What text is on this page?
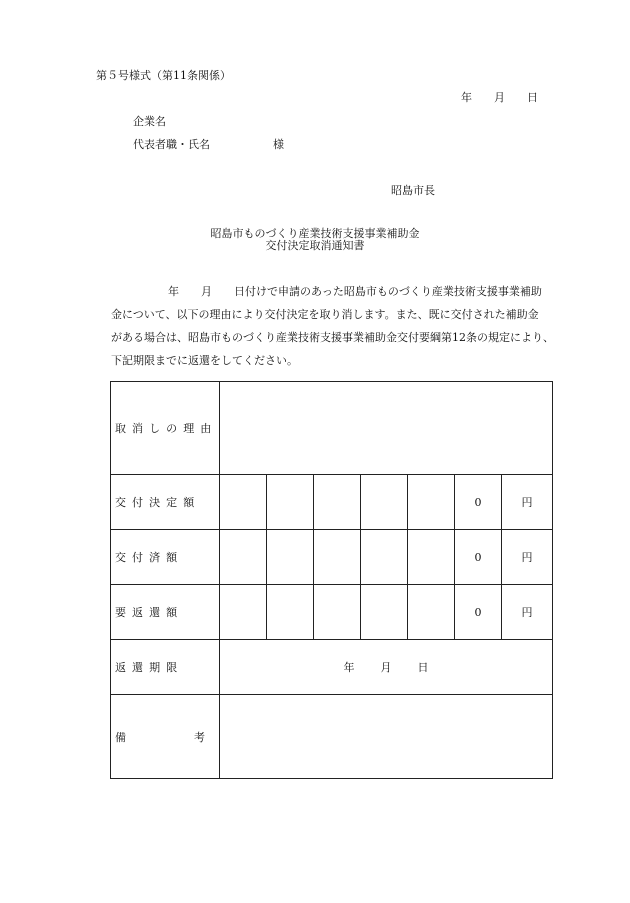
第５号様式（第11条関係）
年 月 日
企業名
代表者職・氏名	様
昭島市長
昭島市ものづくり産業技術支援事業補助金
交付決定取消通知書
年 月 日付けで申請のあった昭島市ものづくり産業技術支援事業補助
金について、以下の理由により交付決定を取り消します。また、既に交付された補助金
がある場合は、昭島市ものづくり産業技術支援事業補助金交付要綱第12条の規定により、
下記期限までに返還をしてください。
取消しの理由							
交付決定額						0	円
交付済額						0	円
要返還額						0	円
返還期限	年 月 日						

備 考							
